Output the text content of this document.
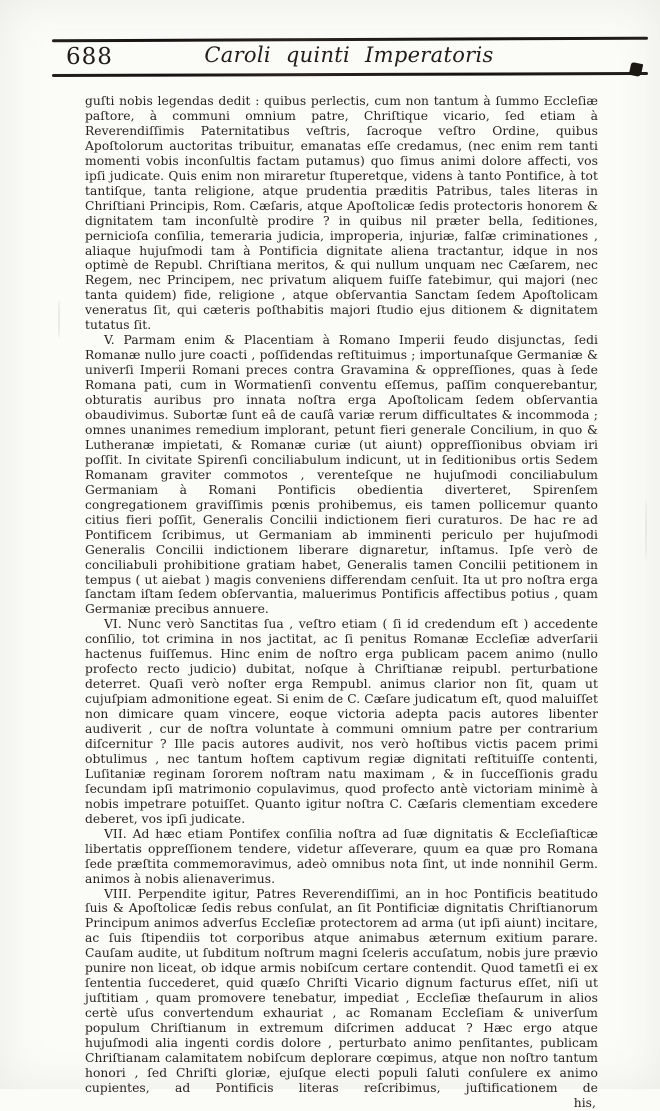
688	Caroli quinti Imperatoris

guſti nobis legendas dedit : quibus perlectis, cum non tantum à ſummo Eccleſiæ paſtore, à communi omnium patre, Chriſtique vicario, ſed etiam à Reverendiſſimis Paternitatibus veſtris, ſacroque veſtro Ordine, quibus Apoſtolorum auctoritas tribuitur, emanatas eſſe credamus, (nec enim rem tanti momenti vobis inconſultis factam putamus) quo ſimus animi dolore affecti, vos ipſi judicate. Quis enim non miraretur ſtuperetque, videns à tanto Pontifice, à tot tantiſque, tanta religione, atque prudentia præditis Patribus, tales literas in Chriſtiani Principis, Rom. Cæſaris, atque Apoſtolicæ ſedis protectoris honorem & dignitatem tam inconſultè prodire ? in quibus nil præter bella, ſeditiones, pernicioſa conſilia, temeraria judicia, improperia, injuriæ, falſæ criminationes , aliaque hujuſmodi tam à Pontificia dignitate aliena tractantur, idque in nos optimè de Republ. Chriſtiana meritos, & qui nullum unquam nec Cæſarem, nec Regem, nec Principem, nec privatum aliquem fuiſſe fatebimur, qui majori (nec tanta quidem) fide, religione , atque obſervantia Sanctam ſedem Apoſtolicam veneratus ſit, qui cæteris poſthabitis majori ſtudio ejus ditionem & dignitatem tutatus ſit.

V. Parmam enim & Placentiam à Romano Imperii feudo disjunctas, ſedi Romanæ nullo jure coacti , poſſidendas reſtituimus ; importunaſque Germaniæ & univerſi Imperii Romani preces contra Gravamina & oppreſſiones, quas à ſede Romana pati, cum in Wormatienſi conventu eſſemus, paſſim conquerebantur, obturatis auribus pro innata noſtra erga Apoſtolicam ſedem obſervantia obaudivimus. Subortæ ſunt eâ de cauſâ variæ rerum difficultates & incommoda ; omnes unanimes remedium implorant, petunt fieri generale Concilium, in quo & Lutheranæ impietati, & Romanæ curiæ (ut aiunt) oppreſſionibus obviam iri poſſit. In civitate Spirenſi conciliabulum indicunt, ut in ſeditionibus ortis Sedem Romanam graviter commotos , verenteſque ne hujuſmodi conciliabulum Germaniam à Romani Pontificis obedientia diverteret, Spirenſem congregationem graviſſimis pœnis prohibemus, eis tamen pollicemur quanto citius fieri poſſit, Generalis Concilii indictionem fieri curaturos. De hac re ad Pontificem ſcribimus, ut Germaniam ab imminenti periculo per hujuſmodi Generalis Concilii indictionem liberare dignaretur, inſtamus. Ipſe verò de conciliabuli prohibitione gratiam habet, Generalis tamen Concilii petitionem in tempus ( ut aiebat ) magis conveniens differendam cenſuit. Ita ut pro noſtra erga ſanctam iſtam ſedem obſervantia, maluerimus Pontificis affectibus potius , quam Germaniæ precibus annuere.

VI. Nunc verò Sanctitas ſua , veſtro etiam ( ſi id credendum eſt ) accedente conſilio, tot crimina in nos jactitat, ac ſi penitus Romanæ Eccleſiæ adverſarii hactenus fuiſſemus. Hinc enim de noſtro erga publicam pacem animo (nullo profecto recto judicio) dubitat, noſque à Chriſtianæ reipubl. perturbatione deterret. Quaſi verò noſter erga Rempubl. animus clarior non ſit, quam ut cujuſpiam admonitione egeat. Si enim de C. Cæſare judicatum eſt, quod maluiſſet non dimicare quam vincere, eoque victoria adepta pacis autores libenter audiverit , cur de noſtra voluntate à communi omnium patre per contrarium diſcernitur ? Ille pacis autores audivit, nos verò hoſtibus victis pacem primi obtulimus , nec tantum hoſtem captivum regiæ dignitati reſtituiſſe contenti, Luſitaniæ reginam ſororem noſtram natu maximam , & in ſucceſſionis gradu ſecundam ipſi matrimonio copulavimus, quod profecto antè victoriam minimè à nobis impetrare potuiſſet. Quanto igitur noſtra C. Cæſaris clementiam excedere deberet, vos ipſi judicate.

VII. Ad hæc etiam Pontifex conſilia noſtra ad ſuæ dignitatis & Eccleſiaſticæ libertatis oppreſſionem tendere, videtur aſſeverare, quum ea quæ pro Romana ſede præſtita commemoravimus, adeò omnibus nota ſint, ut inde nonnihil Germ. animos à nobis alienaverimus.

VIII. Perpendite igitur, Patres Reverendiſſimi, an in hoc Pontificis beatitudo ſuis & Apoſtolicæ ſedis rebus conſulat, an ſit Pontificiæ dignitatis Chriſtianorum Principum animos adverſus Eccleſiæ protectorem ad arma (ut ipſi aiunt) incitare, ac ſuis ſtipendiis tot corporibus atque animabus æternum exitium parare. Cauſam audite, ut ſubditum noſtrum magni ſceleris accuſatum, nobis jure prævio punire non liceat, ob idque armis nobiſcum certare contendit. Quod tametſi ei ex ſententia ſuccederet, quid quæſo Chriſti Vicario dignum facturus eſſet, niſi ut juſtitiam , quam promovere tenebatur, impediat , Eccleſiæ theſaurum in alios certè uſus convertendum exhauriat , ac Romanam Eccleſiam & univerſum populum Chriſtianum in extremum diſcrimen adducat ? Hæc ergo atque hujuſmodi alia ingenti cordis dolore , perturbato animo penſitantes, publicam Chriſtianam calamitatem nobiſcum deplorare cœpimus, atque non noſtro tantum honori , ſed Chriſti gloriæ, ejuſque electi populi ſaluti conſulere ex animo cupientes, ad Pontificis literas reſcribimus, juſtificationem de

his,
